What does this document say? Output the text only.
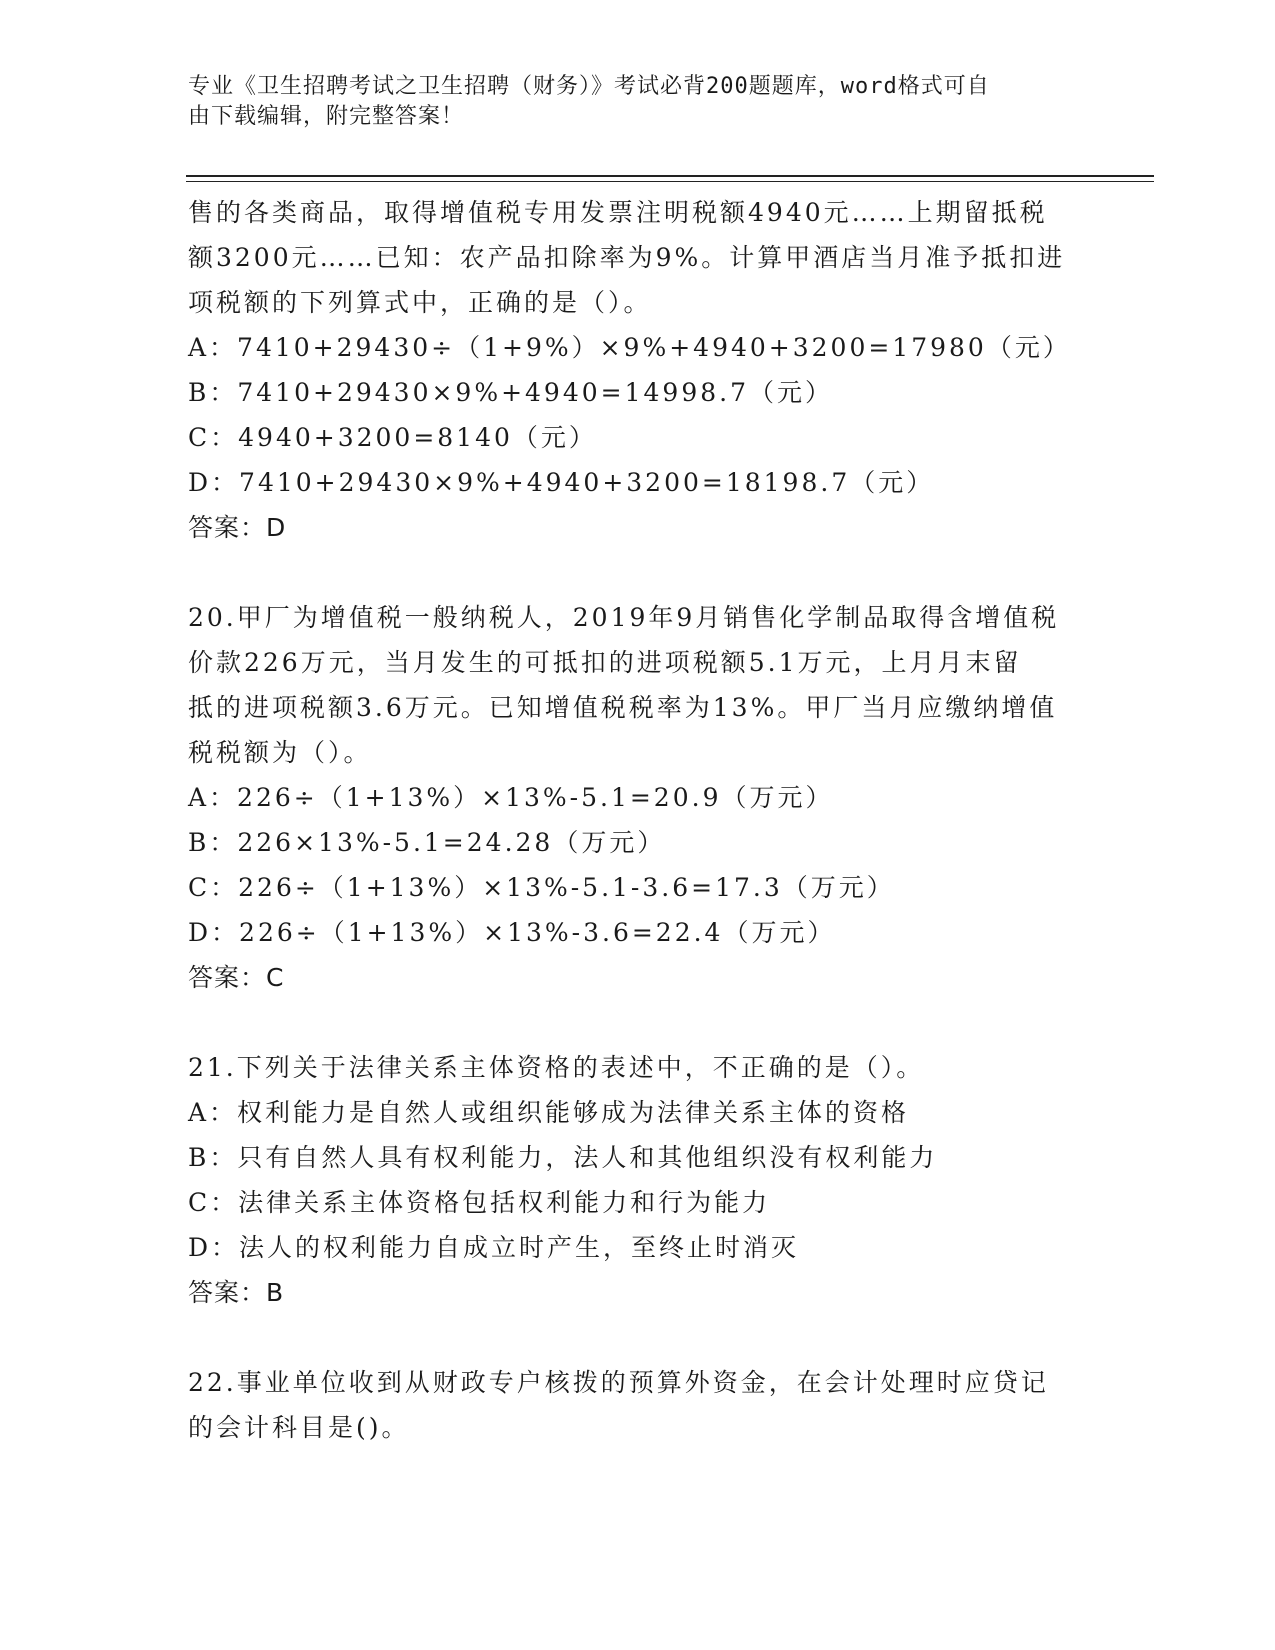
专业《卫生招聘考试之卫生招聘（财务）》考试必背200题题库，word格式可自
由下载编辑，附完整答案！
售的各类商品，取得增值税专用发票注明税额4940元……上期留抵税
额3200元……已知：农产品扣除率为9%。计算甲酒店当月准予抵扣进
项税额的下列算式中，正确的是（）。
A：7410+29430÷（1+9%）×9%+4940+3200=17980（元）
B：7410+29430×9%+4940=14998.7（元）
C：4940+3200=8140（元）
D：7410+29430×9%+4940+3200=18198.7（元）
答案：D
20.甲厂为增值税一般纳税人，2019年9月销售化学制品取得含增值税
价款226万元，当月发生的可抵扣的进项税额5.1万元，上月月末留
抵的进项税额3.6万元。已知增值税税率为13%。甲厂当月应缴纳增值
税税额为（）。
A：226÷（1+13%）×13%-5.1=20.9（万元）
B：226×13%-5.1=24.28（万元）
C：226÷（1+13%）×13%-5.1-3.6=17.3（万元）
D：226÷（1+13%）×13%-3.6=22.4（万元）
答案：C
21.下列关于法律关系主体资格的表述中，不正确的是（）。
A：权利能力是自然人或组织能够成为法律关系主体的资格
B：只有自然人具有权利能力，法人和其他组织没有权利能力
C：法律关系主体资格包括权利能力和行为能力
D：法人的权利能力自成立时产生，至终止时消灭
答案：B
22.事业单位收到从财政专户核拨的预算外资金，在会计处理时应贷记
的会计科目是()。
